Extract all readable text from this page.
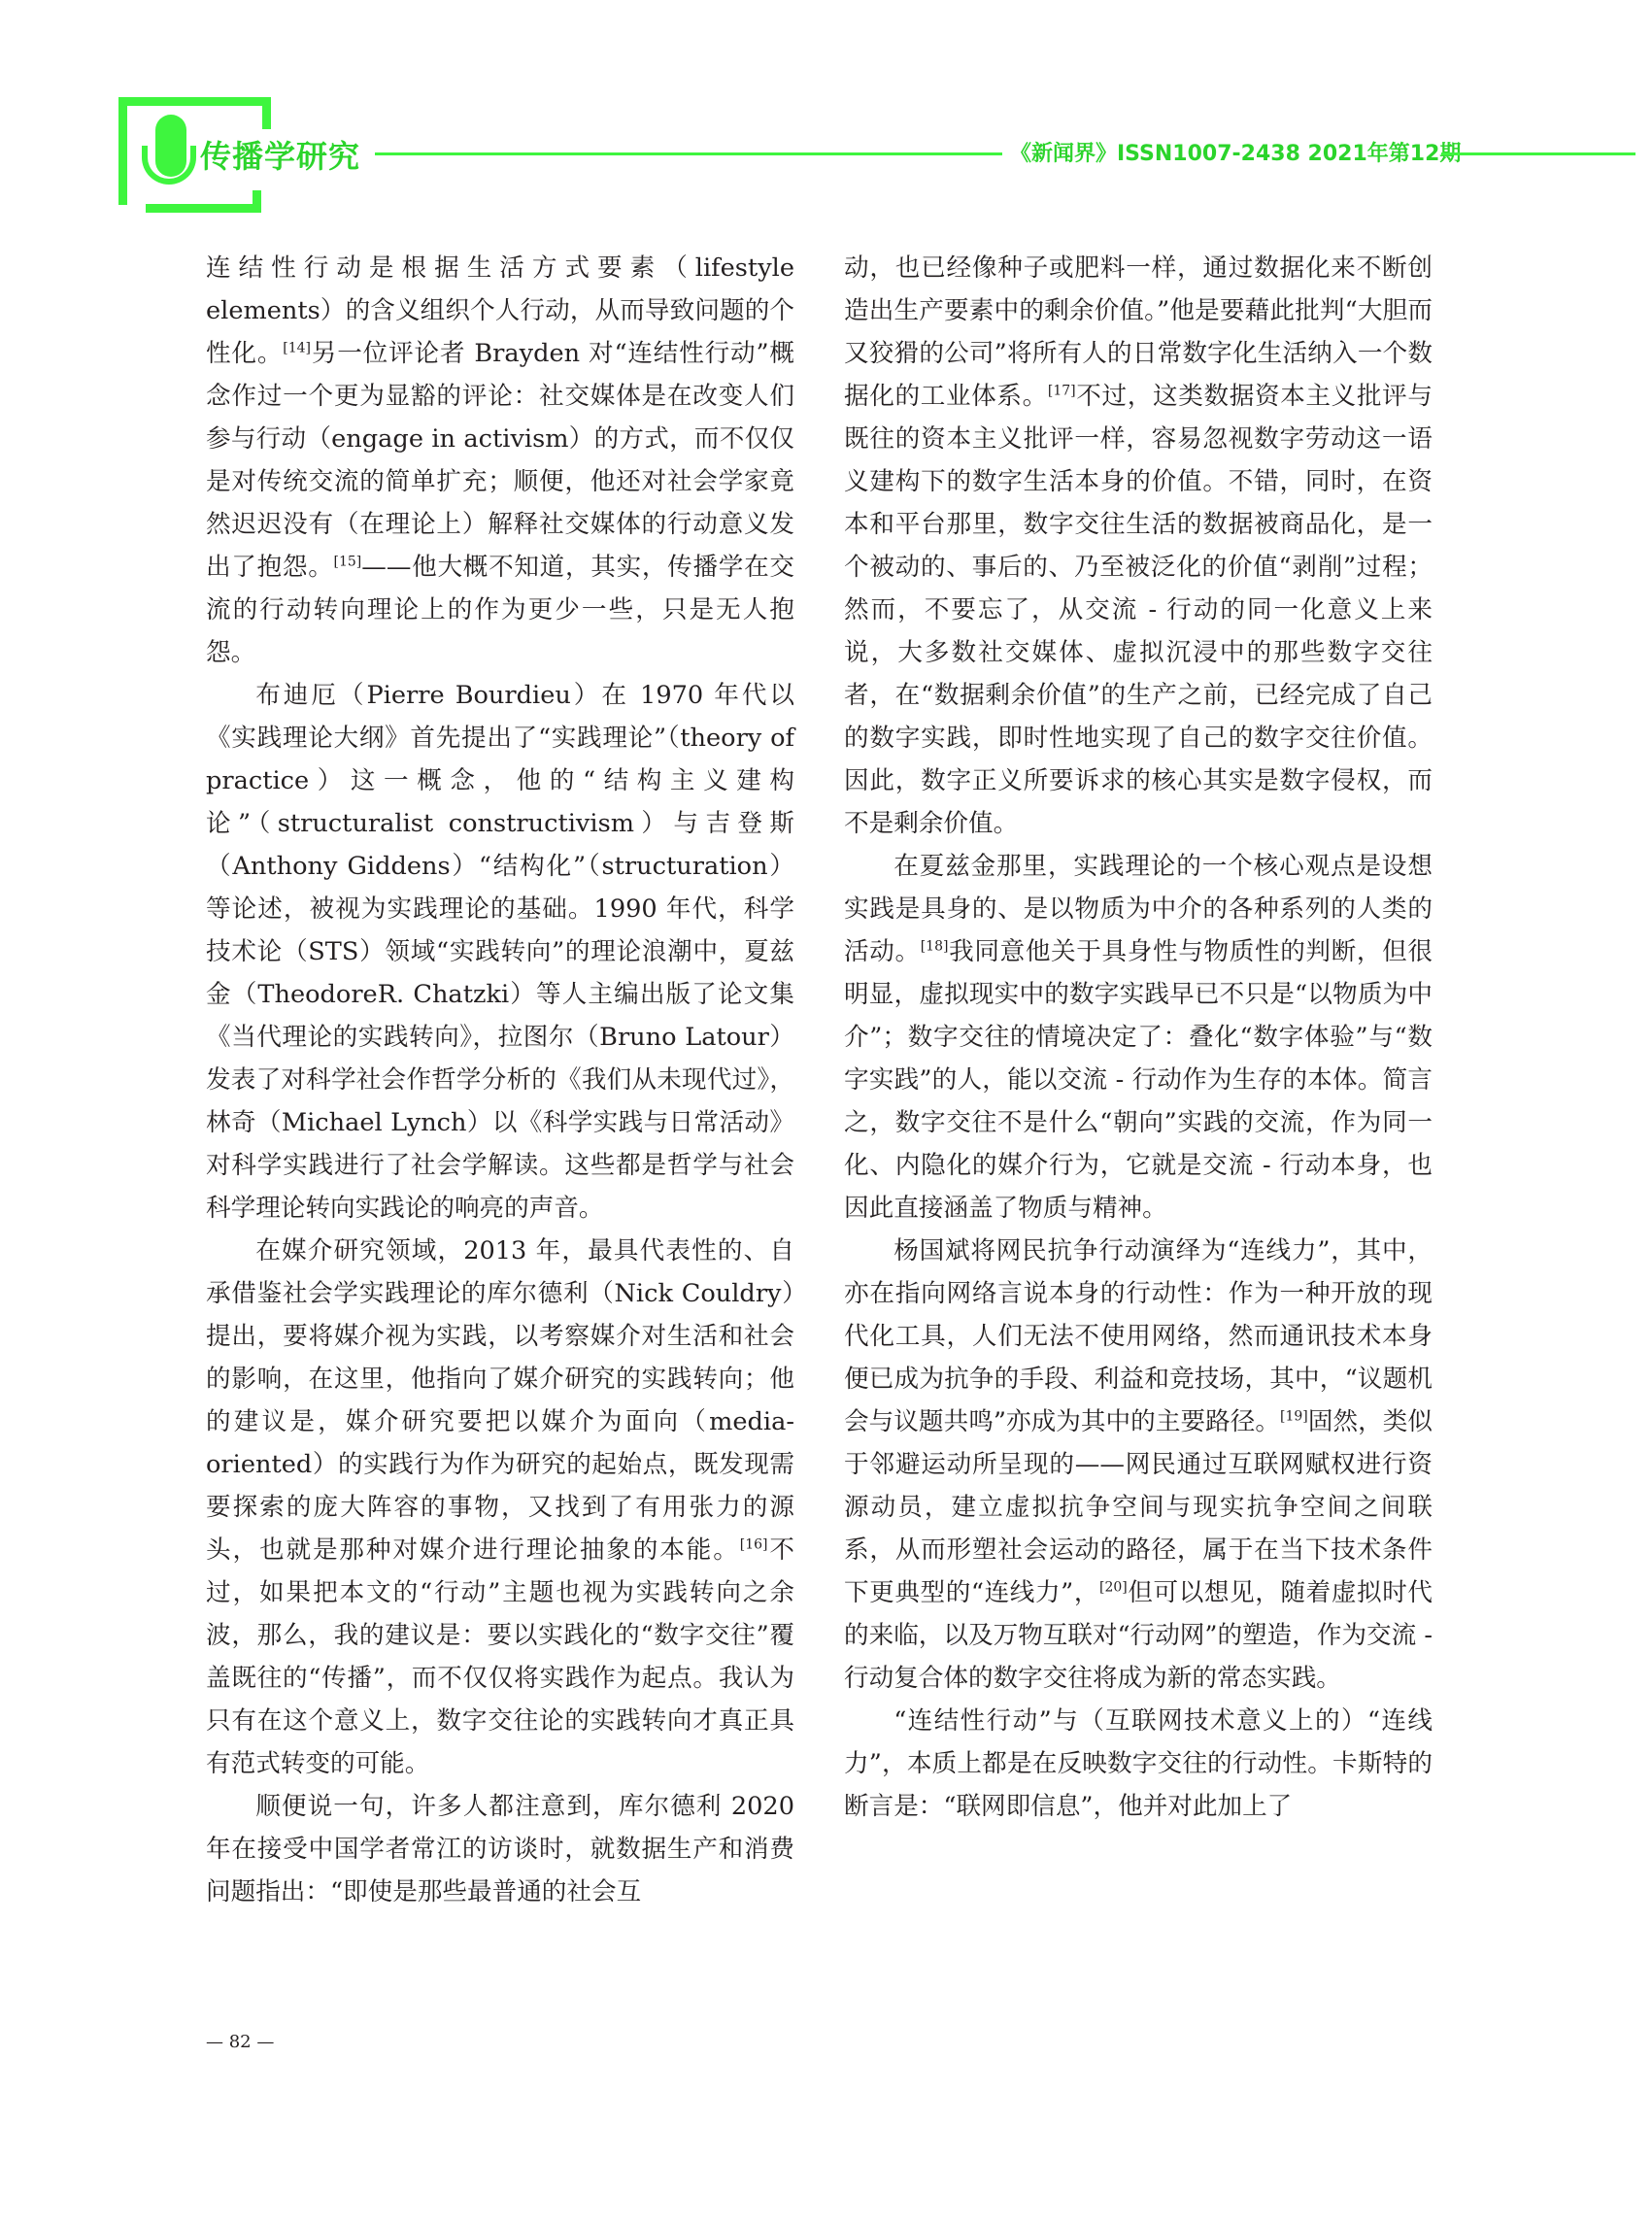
传播学研究	《新闻界》ISSN1007-2438 2021年第12期

连结性行动是根据生活方式要素（lifestyle elements）的含义组织个人行动，从而导致问题的个性化。[14]另一位评论者 Brayden 对“连结性行动”概念作过一个更为显豁的评论：社交媒体是在改变人们参与行动（engage in activism）的方式，而不仅仅是对传统交流的简单扩充；顺便，他还对社会学家竟然迟迟没有（在理论上）解释社交媒体的行动意义发出了抱怨。[15]——他大概不知道，其实，传播学在交流的行动转向理论上的作为更少一些，只是无人抱怨。

布迪厄（Pierre Bourdieu）在 1970 年代以《实践理论大纲》首先提出了“实践理论”（theory of practice）这一概念，他的“结构主义建构论”（structuralist constructivism）与吉登斯（Anthony Giddens）“结构化”（structuration）等论述，被视为实践理论的基础。1990 年代，科学技术论（STS）领域“实践转向”的理论浪潮中，夏兹金（TheodoreR. Chatzki）等人主编出版了论文集《当代理论的实践转向》，拉图尔（Bruno Latour）发表了对科学社会作哲学分析的《我们从未现代过》，林奇（Michael Lynch）以《科学实践与日常活动》对科学实践进行了社会学解读。这些都是哲学与社会科学理论转向实践论的响亮的声音。

在媒介研究领域，2013 年，最具代表性的、自承借鉴社会学实践理论的库尔德利（Nick Couldry）提出，要将媒介视为实践，以考察媒介对生活和社会的影响，在这里，他指向了媒介研究的实践转向；他的建议是，媒介研究要把以媒介为面向（media-oriented）的实践行为作为研究的起始点，既发现需要探索的庞大阵容的事物，又找到了有用张力的源头，也就是那种对媒介进行理论抽象的本能。[16]不过，如果把本文的“行动”主题也视为实践转向之余波，那么，我的建议是：要以实践化的“数字交往”覆盖既往的“传播”，而不仅仅将实践作为起点。我认为只有在这个意义上，数字交往论的实践转向才真正具有范式转变的可能。

顺便说一句，许多人都注意到，库尔德利 2020 年在接受中国学者常江的访谈时，就数据生产和消费问题指出：“即使是那些最普通的社会互

动，也已经像种子或肥料一样，通过数据化来不断创造出生产要素中的剩余价值。”他是要藉此批判“大胆而又狡猾的公司”将所有人的日常数字化生活纳入一个数据化的工业体系。[17]不过，这类数据资本主义批评与既往的资本主义批评一样，容易忽视数字劳动这一语义建构下的数字生活本身的价值。不错，同时，在资本和平台那里，数字交往生活的数据被商品化，是一个被动的、事后的、乃至被泛化的价值“剥削”过程；然而，不要忘了，从交流 - 行动的同一化意义上来说，大多数社交媒体、虚拟沉浸中的那些数字交往者，在“数据剩余价值”的生产之前，已经完成了自己的数字实践，即时性地实现了自己的数字交往价值。因此，数字正义所要诉求的核心其实是数字侵权，而不是剩余价值。

在夏兹金那里，实践理论的一个核心观点是设想实践是具身的、是以物质为中介的各种系列的人类的活动。[18]我同意他关于具身性与物质性的判断，但很明显，虚拟现实中的数字实践早已不只是“以物质为中介”；数字交往的情境决定了：叠化“数字体验”与“数字实践”的人，能以交流 - 行动作为生存的本体。简言之，数字交往不是什么“朝向”实践的交流，作为同一化、内隐化的媒介行为，它就是交流 - 行动本身，也因此直接涵盖了物质与精神。

杨国斌将网民抗争行动演绎为“连线力”，其中，亦在指向网络言说本身的行动性：作为一种开放的现代化工具，人们无法不使用网络，然而通讯技术本身便已成为抗争的手段、利益和竞技场，其中，“议题机会与议题共鸣”亦成为其中的主要路径。[19]固然，类似于邻避运动所呈现的——网民通过互联网赋权进行资源动员，建立虚拟抗争空间与现实抗争空间之间联系，从而形塑社会运动的路径，属于在当下技术条件下更典型的“连线力”，[20]但可以想见，随着虚拟时代的来临，以及万物互联对“行动网”的塑造，作为交流 - 行动复合体的数字交往将成为新的常态实践。

“连结性行动”与（互联网技术意义上的）“连线力”，本质上都是在反映数字交往的行动性。卡斯特的断言是：“联网即信息”，他并对此加上了

— 82 —
